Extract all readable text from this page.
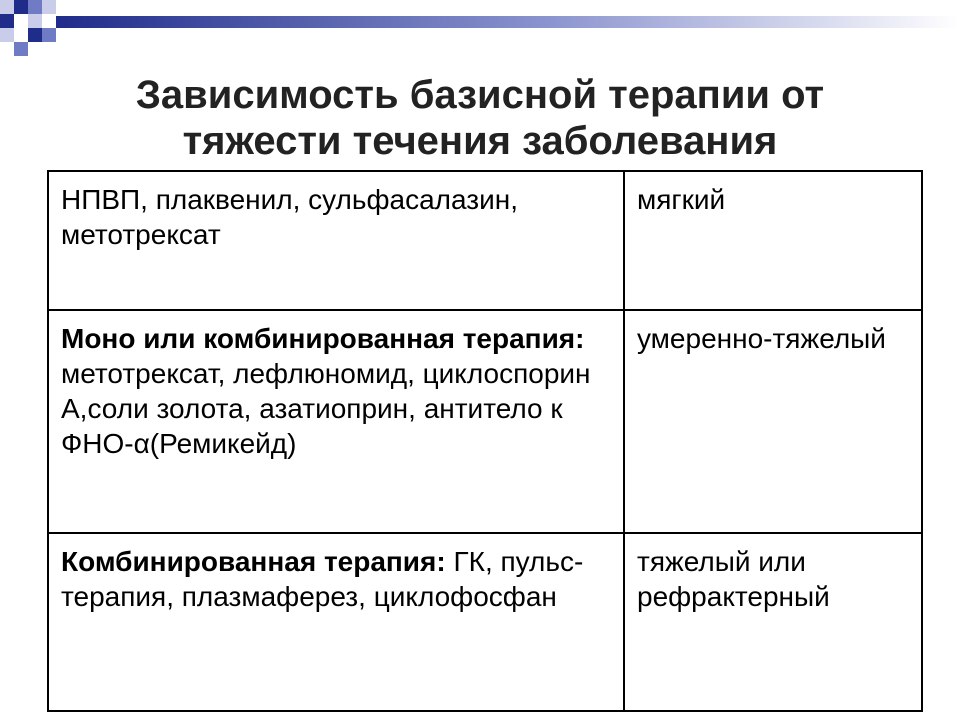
Зависимость базисной терапии от
тяжести течения заболевания
НПВП, плаквенил, сульфасалазин, метотрексат	мягкий
Моно или комбинированная терапия: метотрексат, лефлюномид, циклоспорин А,соли золота, азатиоприн, антитело к ФНО-α(Ремикейд)	умеренно-тяжелый
Комбинированная терапия: ГК, пульс-терапия, плазмаферез, циклофосфан	тяжелый или рефрактерный
